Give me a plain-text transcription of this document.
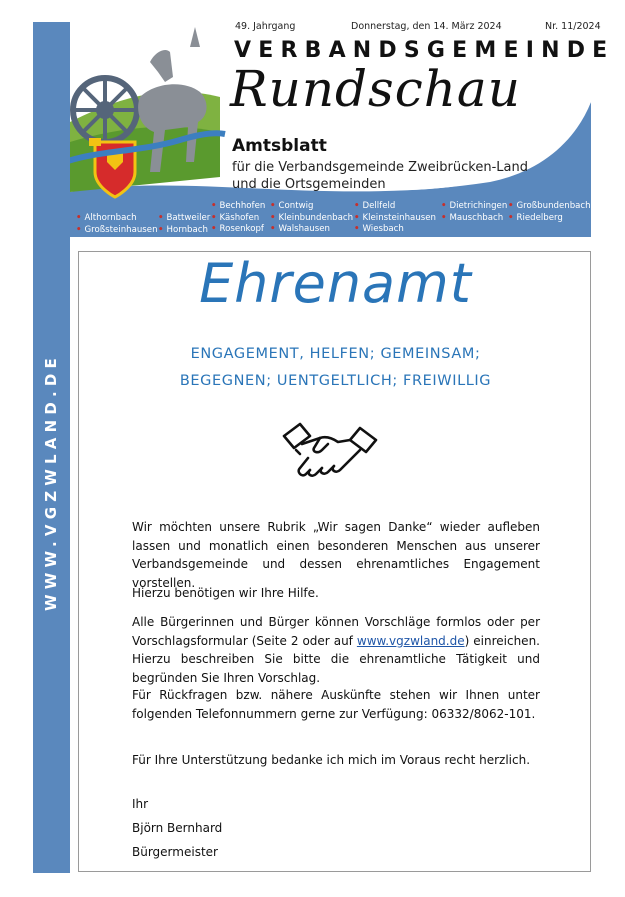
WWW.VGZWLAND.DE
49. Jahrgang	Donnerstag, den 14. März 2024	Nr. 11/2024
VERBANDSGEMEINDE
Rundschau
Amtsblatt
für die Verbandsgemeinde Zweibrücken-Land
und die Ortsgemeinden
• Althornbach
• Großsteinhausen
• Battweiler
• Hornbach
• Bechhofen
• Käshofen
• Rosenkopf
• Contwig
• Kleinbundenbach
• Walshausen
• Dellfeld
• Kleinsteinhausen
• Wiesbach
• Dietrichingen
• Mauschbach
• Großbundenbach
• Riedelberg
Ehrenamt
ENGAGEMENT, HELFEN; GEMEINSAM;
BEGEGNEN; UENTGELTLICH; FREIWILLIG
Wir möchten unsere Rubrik „Wir sagen Danke“ wieder aufleben lassen und monatlich einen besonderen Menschen aus unserer Verbandsgemeinde und dessen ehrenamtliches Engagement vorstellen.
Hierzu benötigen wir Ihre Hilfe.
Alle Bürgerinnen und Bürger können Vorschläge formlos oder per Vorschlagsformular (Seite 2 oder auf www.vgzwland.de) einreichen. Hierzu beschreiben Sie bitte die ehrenamtliche Tätigkeit und begründen Sie Ihren Vorschlag.
Für Rückfragen bzw. nähere Auskünfte stehen wir Ihnen unter folgenden Telefonnummern gerne zur Verfügung: 06332/8062-101.
Für Ihre Unterstützung bedanke ich mich im Voraus recht herzlich.
Ihr
Björn Bernhard
Bürgermeister
